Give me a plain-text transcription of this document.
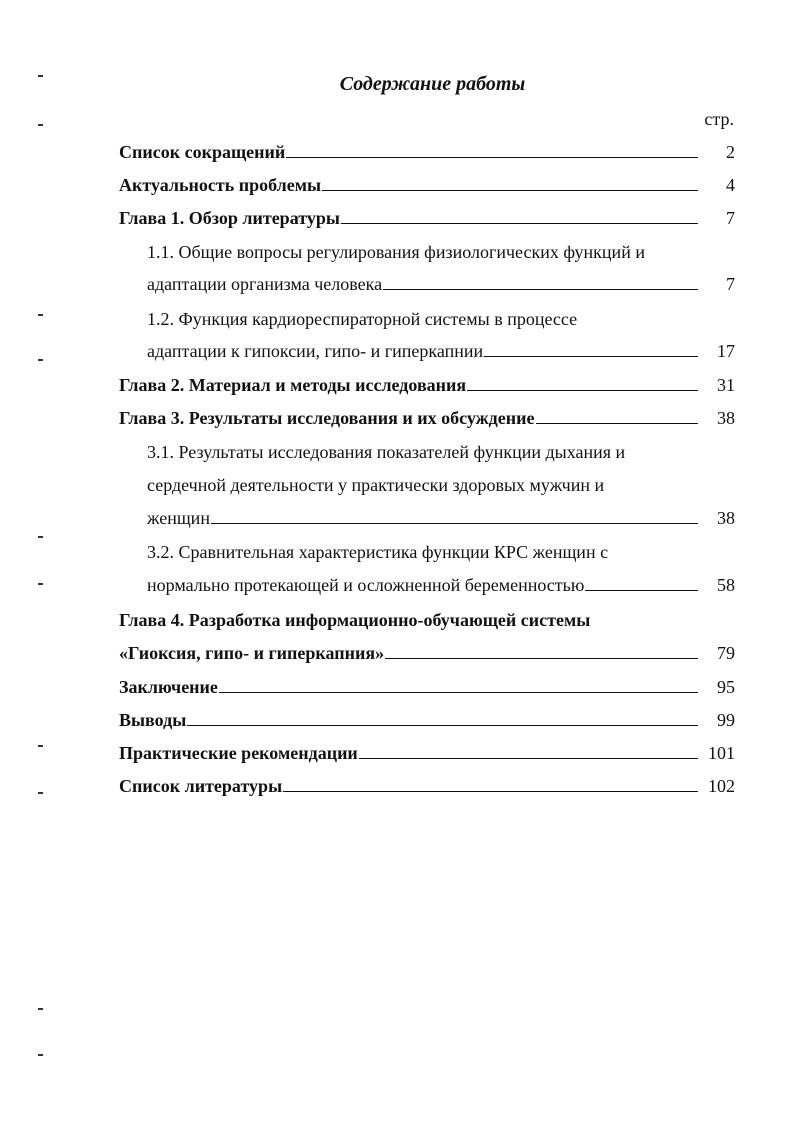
Содержание работы
стр.
Список сокращений	2
Актуальность проблемы	4
Глава 1. Обзор литературы	7
1.1. Общие вопросы регулирования физиологических функций и
адаптации организма человека	7
1.2. Функция кардиореспираторной системы в процессе
адаптации к гипоксии, гипо- и гиперкапнии	17
Глава 2. Материал и методы исследования	31
Глава 3. Результаты исследования и их обсуждение	38
3.1. Результаты исследования показателей функции дыхания и
сердечной деятельности у практически здоровых мужчин и
женщин	38
3.2. Сравнительная характеристика функции КРС женщин с
нормально протекающей и осложненной беременностью	58
Глава 4. Разработка информационно-обучающей системы
«Гиоксия, гипо- и гиперкапния»	79
Заключение	95
Выводы	99
Практические рекомендации	101
Список литературы	102
